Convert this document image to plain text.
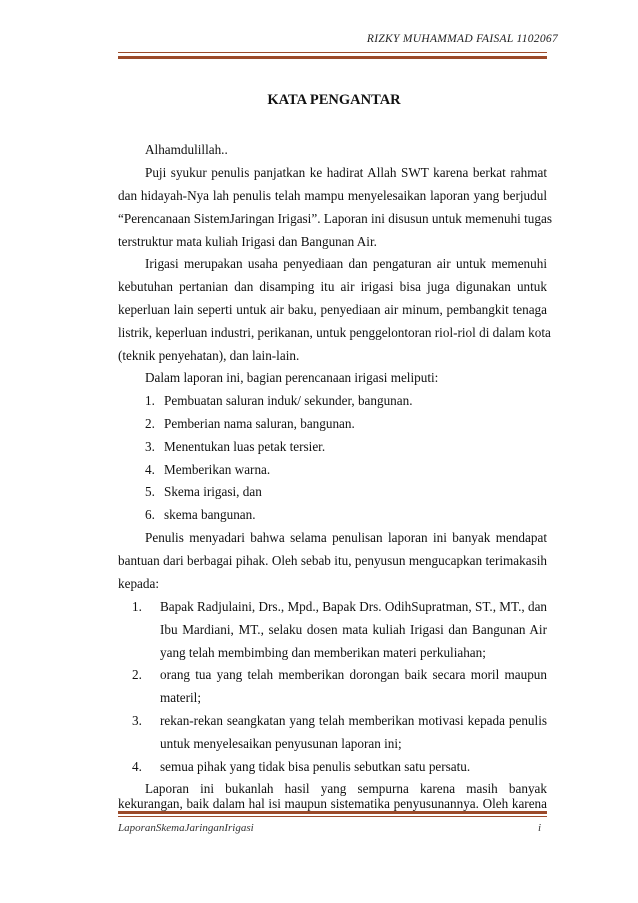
RIZKY MUHAMMAD FAISAL 1102067
KATA PENGANTAR
Alhamdulillah..
Puji syukur penulis panjatkan ke hadirat Allah SWT karena berkat rahmat
dan hidayah-Nya lah penulis telah mampu menyelesaikan laporan yang berjudul
“Perencanaan SistemJaringan Irigasi”. Laporan ini disusun untuk memenuhi tugas
terstruktur mata kuliah Irigasi dan Bangunan Air.
Irigasi merupakan usaha penyediaan dan pengaturan air untuk memenuhi
kebutuhan pertanian dan disamping itu air irigasi bisa juga digunakan untuk
keperluan lain seperti untuk air baku, penyediaan air minum, pembangkit tenaga
listrik, keperluan industri, perikanan, untuk penggelontoran riol-riol di dalam kota
(teknik penyehatan), dan lain-lain.
Dalam laporan ini, bagian perencanaan irigasi meliputi:
1. Pembuatan saluran induk/ sekunder, bangunan.
2. Pemberian nama saluran, bangunan.
3. Menentukan luas petak tersier.
4. Memberikan warna.
5. Skema irigasi, dan
6. skema bangunan.
Penulis menyadari bahwa selama penulisan laporan ini banyak mendapat
bantuan dari berbagai pihak. Oleh sebab itu, penyusun mengucapkan terimakasih
kepada:
1. Bapak Radjulaini, Drs., Mpd., Bapak Drs. OdihSupratman, ST., MT., dan
Ibu Mardiani, MT., selaku dosen mata kuliah Irigasi dan Bangunan Air
yang telah membimbing dan memberikan materi perkuliahan;
2. orang tua yang telah memberikan dorongan baik secara moril maupun
materil;
3. rekan-rekan seangkatan yang telah memberikan motivasi kepada penulis
untuk menyelesaikan penyusunan laporan ini;
4. semua pihak yang tidak bisa penulis sebutkan satu persatu.
Laporan ini bukanlah hasil yang sempurna karena masih banyak
LaporanSkemaJaringanIrigasi	i
kekurangan, baik dalam hal isi maupun sistematika penyusunannya. Oleh karena
